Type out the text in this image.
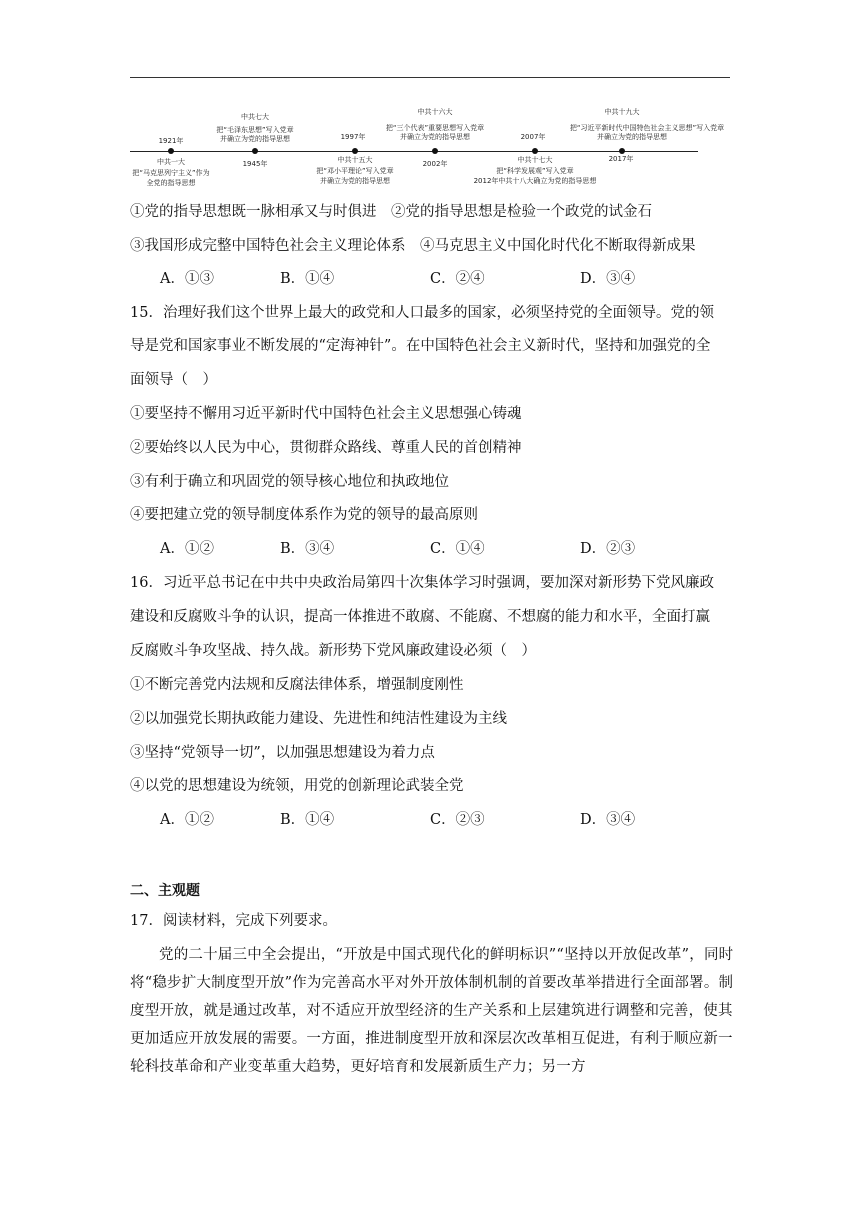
1921年
中共一大
把“马克思列宁主义”作为
全党的指导思想
中共七大
把“毛泽东思想”写入党章
并确立为党的指导思想
1945年
1997年
中共十五大
把“邓小平理论”写入党章
并确立为党的指导思想
中共十六大
把“三个代表”重要思想写入党章
并确立为党的指导思想
2002年
2007年
中共十七大
把“科学发展观”写入党章
2012年中共十八大确立为党的指导思想
中共十九大
把“习近平新时代中国特色社会主义思想”写入党章
并确立为党的指导思想
2017年
①党的指导思想既一脉相承又与时俱进　②党的指导思想是检验一个政党的试金石
③我国形成完整中国特色社会主义理论体系　④马克思主义中国化时代化不断取得新成果
A．①③	B．①④	C．②④	D．③④
15．治理好我们这个世界上最大的政党和人口最多的国家，必须坚持党的全面领导。党的领
导是党和国家事业不断发展的“定海神针”。在中国特色社会主义新时代，坚持和加强党的全
面领导（　）
①要坚持不懈用习近平新时代中国特色社会主义思想强心铸魂
②要始终以人民为中心，贯彻群众路线、尊重人民的首创精神
③有利于确立和巩固党的领导核心地位和执政地位
④要把建立党的领导制度体系作为党的领导的最高原则
A．①②	B．③④	C．①④	D．②③
16．习近平总书记在中共中央政治局第四十次集体学习时强调，要加深对新形势下党风廉政
建设和反腐败斗争的认识，提高一体推进不敢腐、不能腐、不想腐的能力和水平，全面打赢
反腐败斗争攻坚战、持久战。新形势下党风廉政建设必须（　）
①不断完善党内法规和反腐法律体系，增强制度刚性
②以加强党长期执政能力建设、先进性和纯洁性建设为主线
③坚持“党领导一切”，以加强思想建设为着力点
④以党的思想建设为统领，用党的创新理论武装全党
A．①②	B．①④	C．②③	D．③④
二、主观题
17．阅读材料，完成下列要求。
党的二十届三中全会提出，“开放是中国式现代化的鲜明标识”“坚持以开放促改革”，同时将“稳步扩大制度型开放”作为完善高水平对外开放体制机制的首要改革举措进行全面部署。制度型开放，就是通过改革，对不适应开放型经济的生产关系和上层建筑进行调整和完善，使其更加适应开放发展的需要。一方面，推进制度型开放和深层次改革相互促进，有利于顺应新一轮科技革命和产业变革重大趋势，更好培育和发展新质生产力；另一方
